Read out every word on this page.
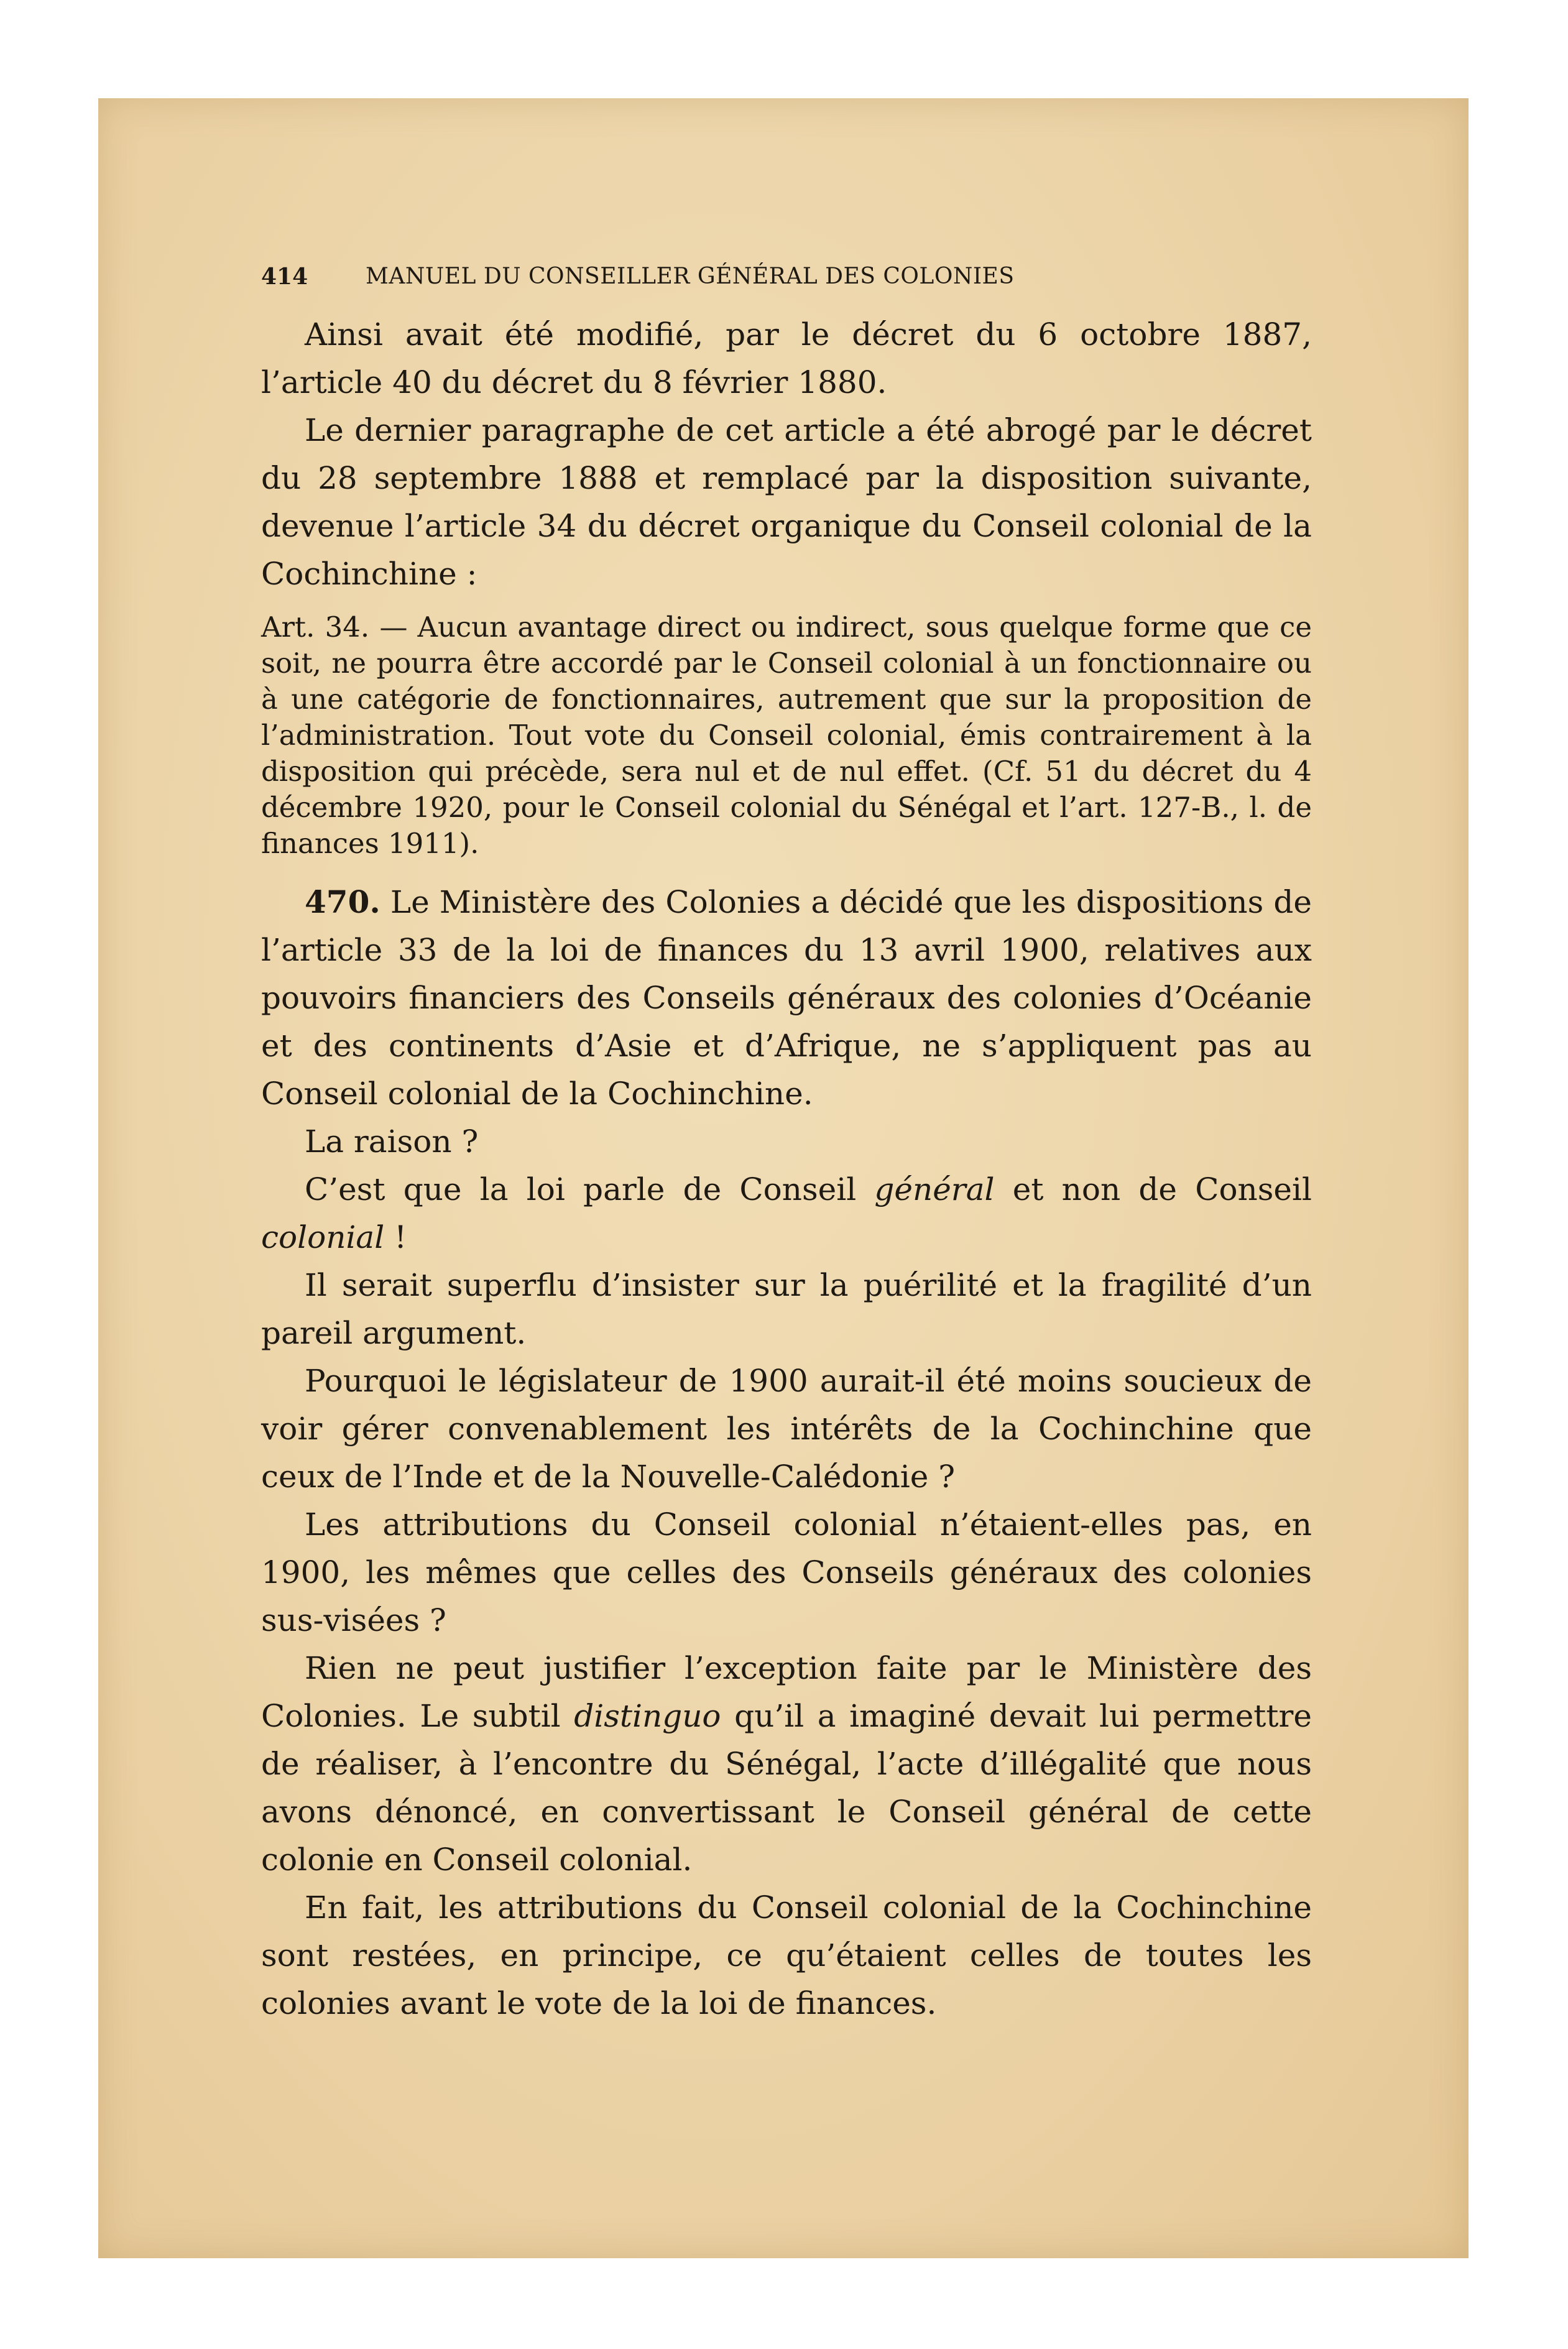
414	MANUEL DU CONSEILLER GÉNÉRAL DES COLONIES

Ainsi avait été modifié, par le décret du 6 octobre 1887, l’article 40 du décret du 8 février 1880.

Le dernier paragraphe de cet article a été abrogé par le décret du 28 septembre 1888 et remplacé par la disposition suivante, devenue l’article 34 du décret organique du Conseil colonial de la Cochinchine :

Art. 34. — Aucun avantage direct ou indirect, sous quelque forme que ce soit, ne pourra être accordé par le Conseil colonial à un fonctionnaire ou à une catégorie de fonctionnaires, autrement que sur la proposition de l’administration. Tout vote du Conseil colonial, émis contrairement à la disposition qui précède, sera nul et de nul effet. (Cf. 51 du décret du 4 décembre 1920, pour le Conseil colonial du Sénégal et l’art. 127-B., l. de finances 1911).

470. Le Ministère des Colonies a décidé que les dispositions de l’article 33 de la loi de finances du 13 avril 1900, relatives aux pouvoirs financiers des Conseils généraux des colonies d’Océanie et des continents d’Asie et d’Afrique, ne s’appliquent pas au Conseil colonial de la Cochinchine.

La raison ?

C’est que la loi parle de Conseil général et non de Conseil colonial !

Il serait superflu d’insister sur la puérilité et la fragilité d’un pareil argument.

Pourquoi le législateur de 1900 aurait-il été moins soucieux de voir gérer convenablement les intérêts de la Cochinchine que ceux de l’Inde et de la Nouvelle-Calédonie ?

Les attributions du Conseil colonial n’étaient-elles pas, en 1900, les mêmes que celles des Conseils généraux des colonies sus-visées ?

Rien ne peut justifier l’exception faite par le Ministère des Colonies. Le subtil distinguo qu’il a imaginé devait lui permettre de réaliser, à l’encontre du Sénégal, l’acte d’illégalité que nous avons dénoncé, en convertissant le Conseil général de cette colonie en Conseil colonial.

En fait, les attributions du Conseil colonial de la Cochinchine sont restées, en principe, ce qu’étaient celles de toutes les colonies avant le vote de la loi de finances.
